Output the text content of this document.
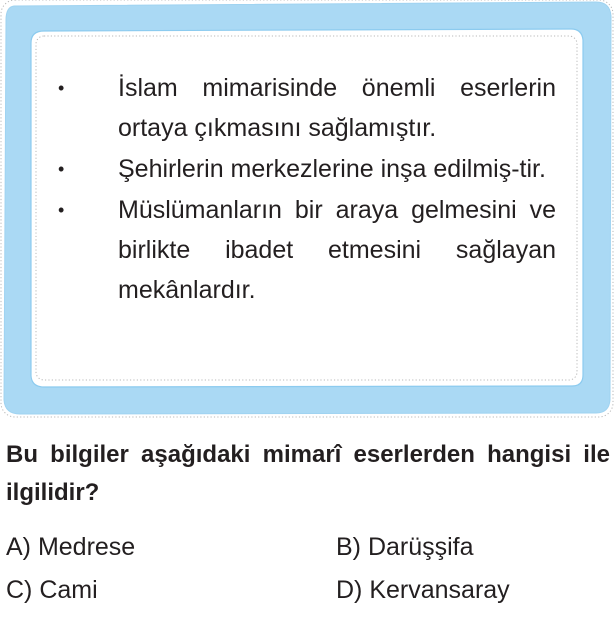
• İslam mimarisinde önemli eserlerin ortaya çıkmasını sağlamıştır.
• Şehirlerin merkezlerine inşa edilmiş-tir.
• Müslümanların bir araya gelmesini ve birlikte ibadet etmesini sağlayan mekânlardır.
Bu bilgiler aşağıdaki mimarî eserlerden hangisi ile ilgilidir?
A) Medrese	B) Darüşşifa
C) Cami	D) Kervansaray
